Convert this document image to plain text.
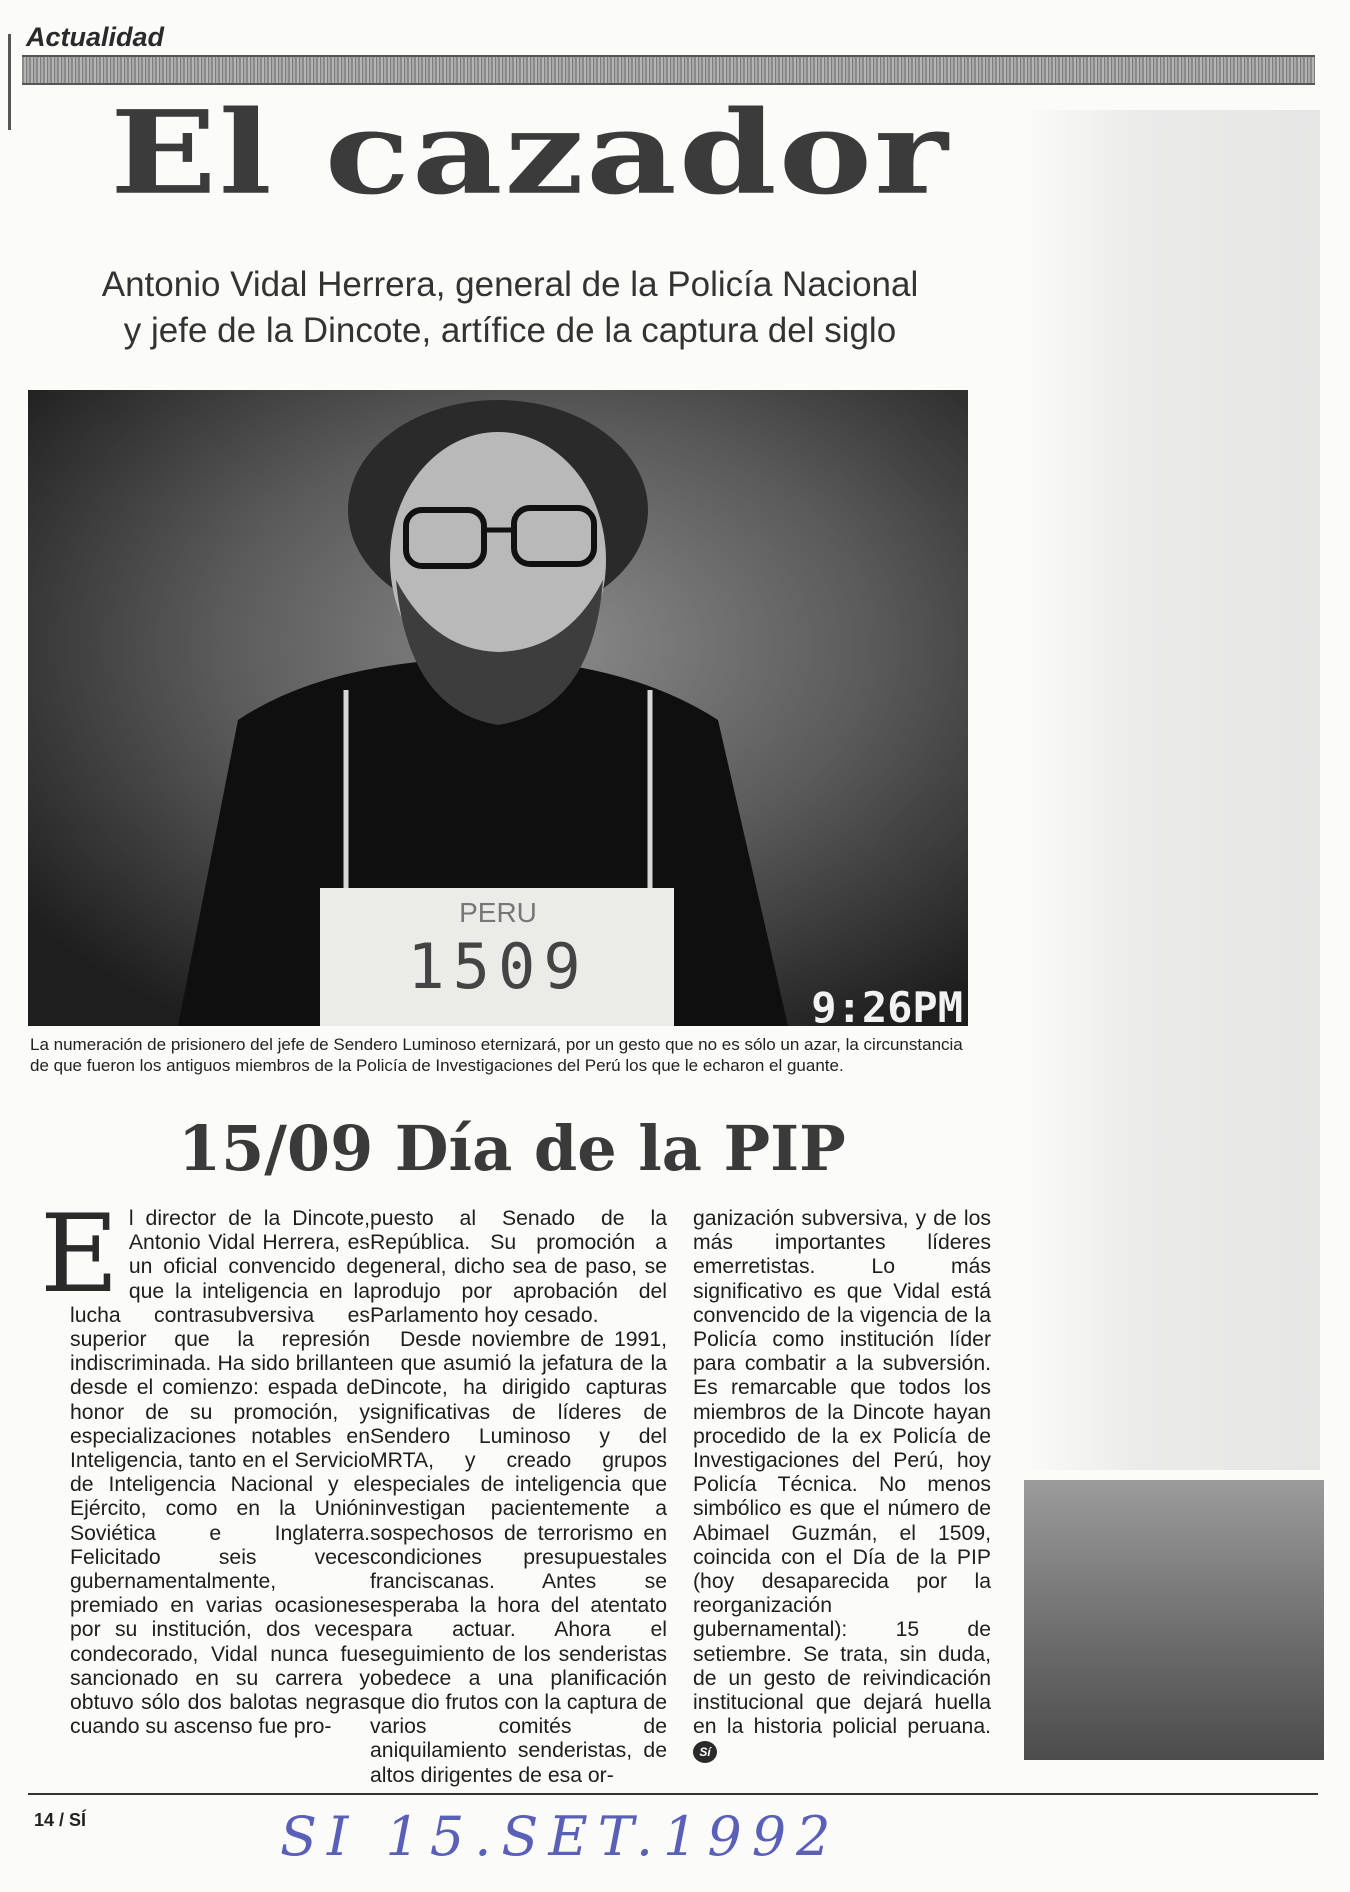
Actualidad
El cazador
Antonio Vidal Herrera, general de la Policía Nacional
y jefe de la Dincote, artífice de la captura del siglo
PERU
1509
9:26PM
La numeración de prisionero del jefe de Sendero Luminoso eternizará, por un gesto que no es sólo un azar, la circunstancia de que fueron los antiguos miembros de la Policía de Investigaciones del Perú los que le echaron el guante.
15/09 Día de la PIP
E l director de la Dincote, Antonio Vidal Herrera, es un oficial convencido de que la inteligencia en la lucha contrasubversiva es superior que la represión indiscriminada. Ha sido brillante desde el comienzo: espada de honor de su promoción, y especializaciones notables en Inteligencia, tanto en el Servicio de Inteligencia Nacional y el Ejército, como en la Unión Soviética e Inglaterra. Felicitado seis veces gubernamentalmente, premiado en varias ocasiones por su institución, dos veces condecorado, Vidal nunca fue sancionado en su carrera y obtuvo sólo dos balotas negras cuando su ascenso fue pro-

puesto al Senado de la República. Su promoción a general, dicho sea de paso, se produjo por aprobación del Parlamento hoy cesado.

Desde noviembre de 1991, en que asumió la jefatura de la Dincote, ha dirigido capturas significativas de líderes de Sendero Luminoso y del MRTA, y creado grupos especiales de inteligencia que investigan pacientemente a sospechosos de terrorismo en condiciones presupuestales franciscanas. Antes se esperaba la hora del atentato para actuar. Ahora el seguimiento de los senderistas obedece a una planificación que dio frutos con la captura de varios comités de aniquilamiento senderistas, de altos dirigentes de esa or-

ganización subversiva, y de los más importantes líderes emerretistas. Lo más significativo es que Vidal está convencido de la vigencia de la Policía como institución líder para combatir a la subversión. Es remarcable que todos los miembros de la Dincote hayan procedido de la ex Policía de Investigaciones del Perú, hoy Policía Técnica. No menos simbólico es que el número de Abimael Guzmán, el 1509, coincida con el Día de la PIP (hoy desaparecida por la reorganización gubernamental): 15 de setiembre. Se trata, sin duda, de un gesto de reivindicación institucional que dejará huella en la historia policial peruana. Sí
14 / SÍ	SI 15.SET.1992
